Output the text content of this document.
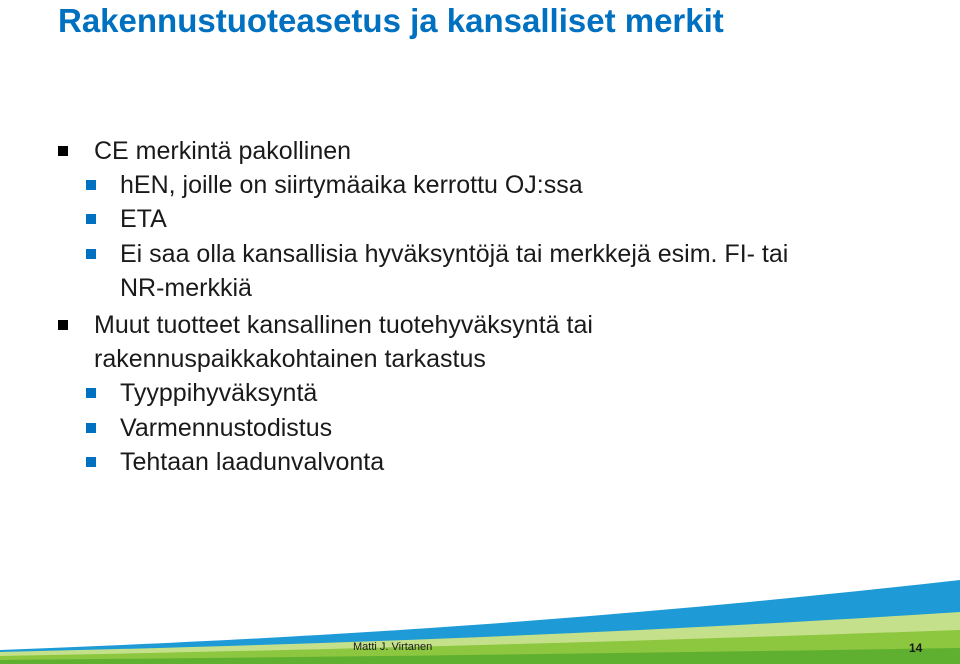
Rakennustuoteasetus ja kansalliset merkit
CE merkintä pakollinen
hEN, joille on siirtymäaika kerrottu OJ:ssa
ETA
Ei saa olla kansallisia hyväksyntöjä tai merkkejä esim. FI- tai
NR-merkkiä
Muut tuotteet kansallinen tuotehyväksyntä tai
rakennuspaikkakohtainen tarkastus
Tyyppihyväksyntä
Varmennustodistus
Tehtaan laadunvalvonta
Matti J. Virtanen	14
